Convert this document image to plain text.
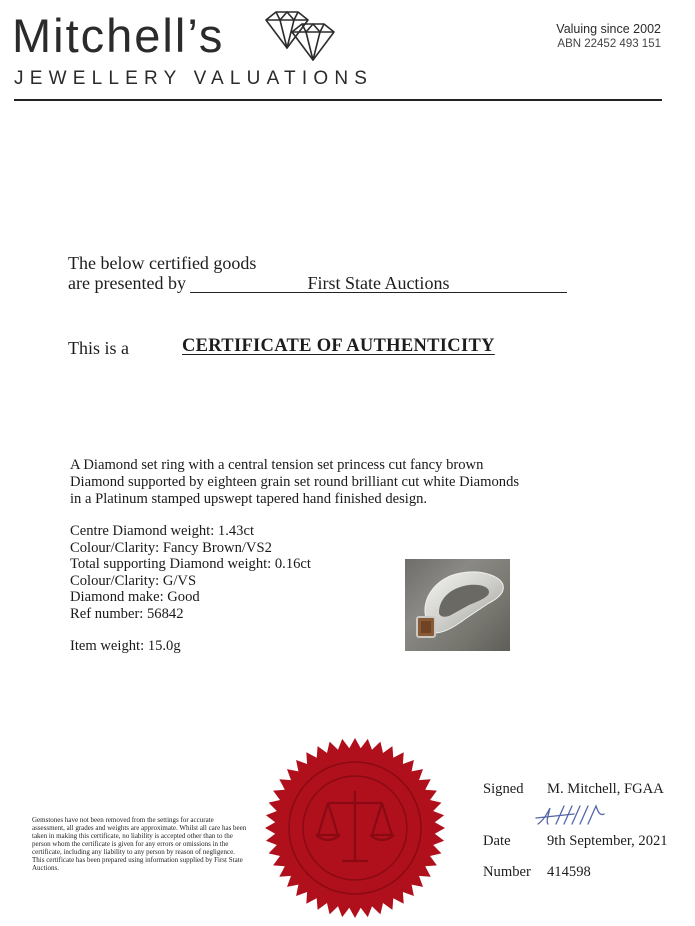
Mitchell’s
JEWELLERY VALUATIONS
Valuing since 2002
ABN 22452 493 151
The below certified goods
are presented by	First State Auctions
This is a	CERTIFICATE OF AUTHENTICITY
A Diamond set ring with a central tension set princess cut fancy brown
Diamond supported by eighteen grain set round brilliant cut white Diamonds
in a Platinum stamped upswept tapered hand finished design.
Centre Diamond weight: 1.43ct
Colour/Clarity: Fancy Brown/VS2
Total supporting Diamond weight: 0.16ct
Colour/Clarity: G/VS
Diamond make: Good
Ref number: 56842
Item weight: 15.0g
Gemstones have not been removed from the settings for accurate assessment, all grades and weights are approximate. Whilst all care has been taken in making this certificate, no liability is accepted other than to the person whom the certificate is given for any errors or omissions in the certificate, including any liability to any person by reason of negligence. This certificate has been prepared using information supplied by First State Auctions.
Signed M. Mitchell, FGAA
Date 9th September, 2021
Number 414598
